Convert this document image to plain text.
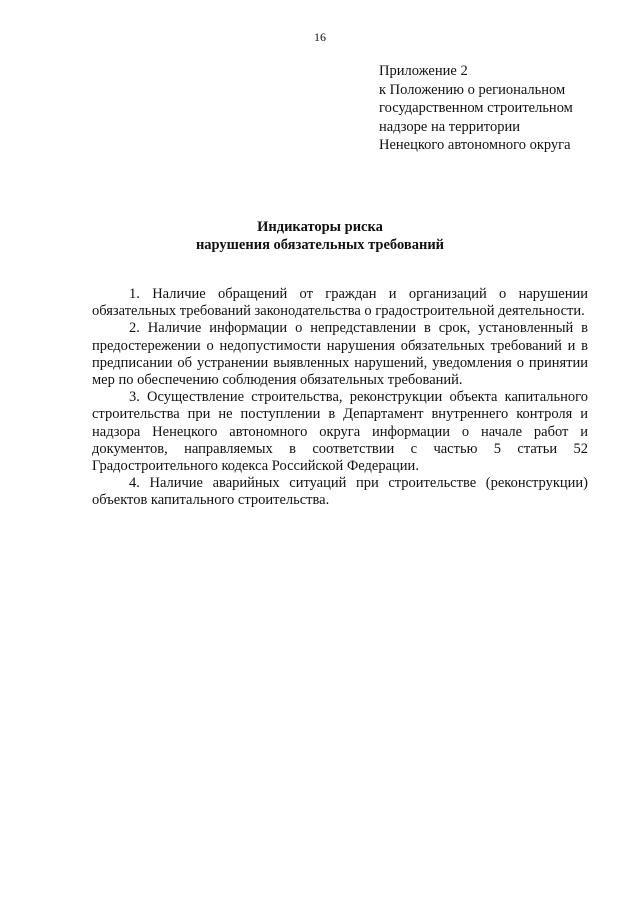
16
Приложение 2
к Положению о региональном
государственном строительном
надзоре на территории
Ненецкого автономного округа
Индикаторы риска
нарушения обязательных требований

1. Наличие обращений от граждан и организаций о нарушении обязательных требований законодательства о градостроительной деятельности.

2. Наличие информации о непредставлении в срок, установленный в предостережении о недопустимости нарушения обязательных требований и в предписании об устранении выявленных нарушений, уведомления о принятии мер по обеспечению соблюдения обязательных требований.

3. Осуществление строительства, реконструкции объекта капитального строительства при не поступлении в Департамент внутреннего контроля и надзора Ненецкого автономного округа информации о начале работ и документов, направляемых в соответствии с частью 5 статьи 52 Градостроительного кодекса Российской Федерации.

4. Наличие аварийных ситуаций при строительстве (реконструкции) объектов капитального строительства.
